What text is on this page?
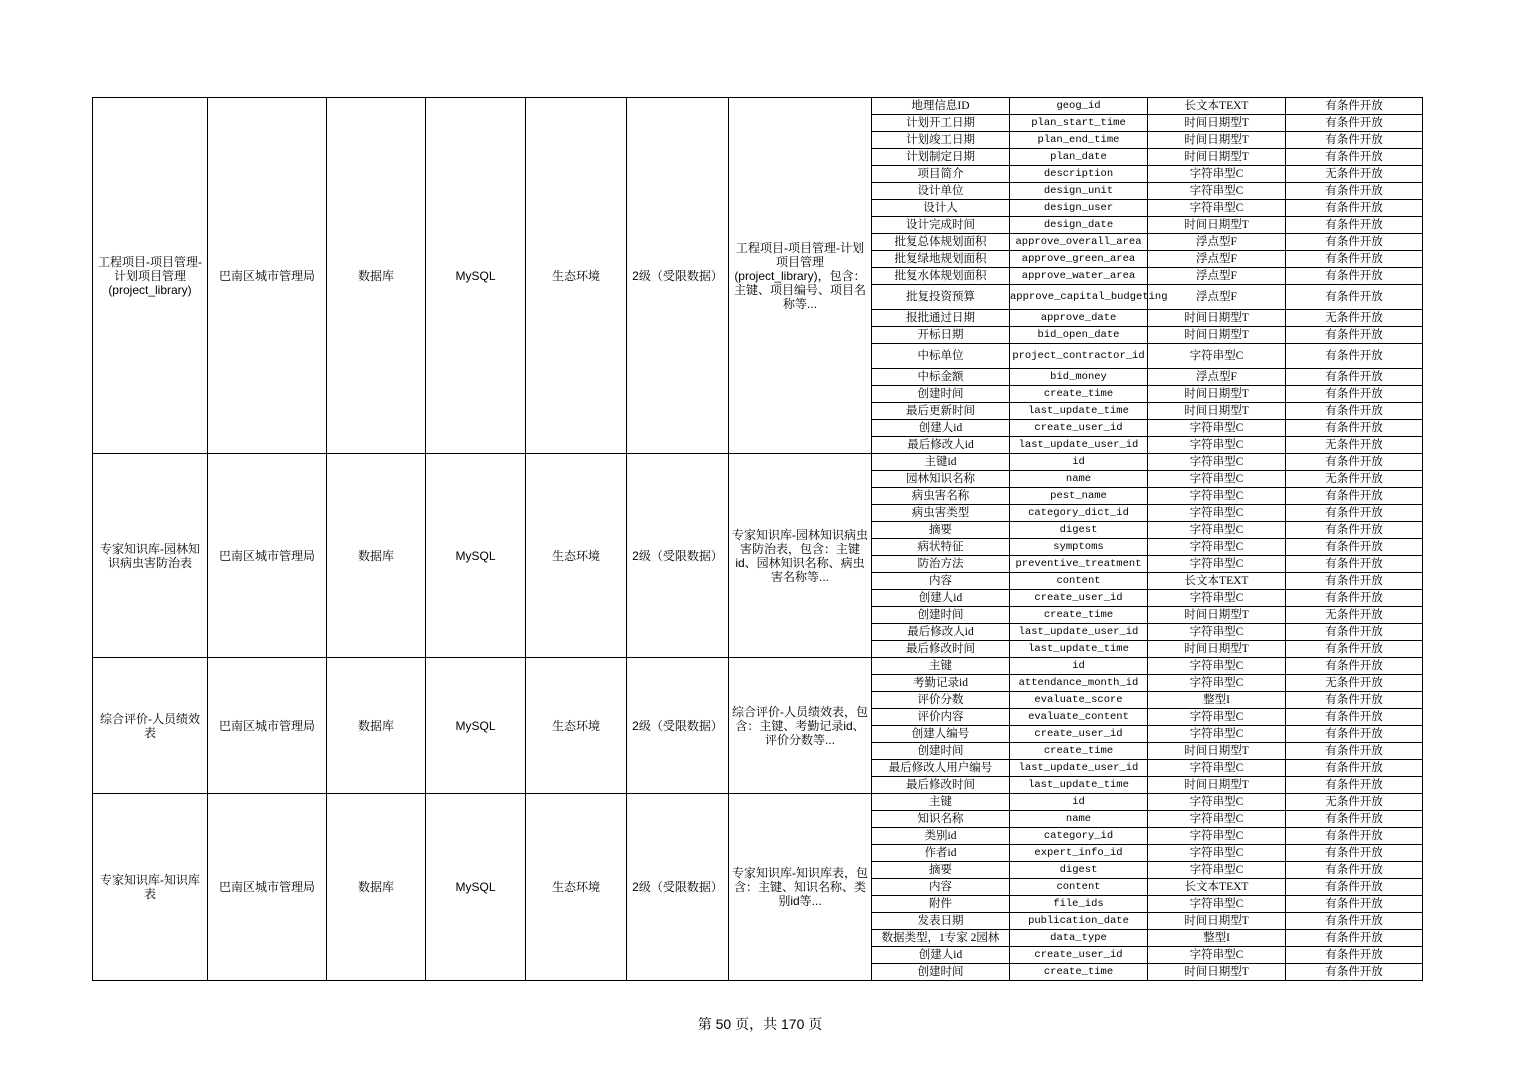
工程项目-项目管理-计划项目管理(project_library)	巴南区城市管理局	数据库	MySQL	生态环境	2级（受限数据）	工程项目-项目管理-计划项目管理(project_library)，包含：主键、项目编号、项目名称等...	地理信息ID	geog_id	长文本TEXT	有条件开放
							计划开工日期	plan_start_time	时间日期型T	有条件开放
							计划竣工日期	plan_end_time	时间日期型T	有条件开放
							计划制定日期	plan_date	时间日期型T	有条件开放
							项目简介	description	字符串型C	无条件开放
							设计单位	design_unit	字符串型C	有条件开放
							设计人	design_user	字符串型C	有条件开放
							设计完成时间	design_date	时间日期型T	有条件开放
							批复总体规划面积	approve_overall_area	浮点型F	有条件开放
							批复绿地规划面积	approve_green_area	浮点型F	有条件开放
							批复水体规划面积	approve_water_area	浮点型F	有条件开放
							批复投资预算	approve_capital_budgeting	浮点型F	有条件开放
							报批通过日期	approve_date	时间日期型T	无条件开放
							开标日期	bid_open_date	时间日期型T	有条件开放
							中标单位	project_contractor_id	字符串型C	有条件开放
							中标金额	bid_money	浮点型F	有条件开放
							创建时间	create_time	时间日期型T	有条件开放
							最后更新时间	last_update_time	时间日期型T	有条件开放
							创建人id	create_user_id	字符串型C	有条件开放
							最后修改人id	last_update_user_id	字符串型C	无条件开放
专家知识库-园林知识病虫害防治表	巴南区城市管理局	数据库	MySQL	生态环境	2级（受限数据）	专家知识库-园林知识病虫害防治表，包含：主键id、园林知识名称、病虫害名称等...	主键id	id	字符串型C	有条件开放
							园林知识名称	name	字符串型C	无条件开放
							病虫害名称	pest_name	字符串型C	有条件开放
							病虫害类型	category_dict_id	字符串型C	有条件开放
							摘要	digest	字符串型C	有条件开放
							病状特征	symptoms	字符串型C	有条件开放
							防治方法	preventive_treatment	字符串型C	有条件开放
							内容	content	长文本TEXT	有条件开放
							创建人id	create_user_id	字符串型C	有条件开放
							创建时间	create_time	时间日期型T	无条件开放
							最后修改人id	last_update_user_id	字符串型C	有条件开放
							最后修改时间	last_update_time	时间日期型T	有条件开放
综合评价-人员绩效表	巴南区城市管理局	数据库	MySQL	生态环境	2级（受限数据）	综合评价-人员绩效表，包含：主键、考勤记录id、评价分数等...	主键	id	字符串型C	有条件开放
							考勤记录id	attendance_month_id	字符串型C	无条件开放
							评价分数	evaluate_score	整型I	有条件开放
							评价内容	evaluate_content	字符串型C	有条件开放
							创建人编号	create_user_id	字符串型C	有条件开放
							创建时间	create_time	时间日期型T	有条件开放
							最后修改人用户编号	last_update_user_id	字符串型C	有条件开放
							最后修改时间	last_update_time	时间日期型T	有条件开放
专家知识库-知识库表	巴南区城市管理局	数据库	MySQL	生态环境	2级（受限数据）	专家知识库-知识库表，包含：主键、知识名称、类别id等...	主键	id	字符串型C	无条件开放
							知识名称	name	字符串型C	有条件开放
							类别id	category_id	字符串型C	有条件开放
							作者id	expert_info_id	字符串型C	有条件开放
							摘要	digest	字符串型C	有条件开放
							内容	content	长文本TEXT	有条件开放
							附件	file_ids	字符串型C	有条件开放
							发表日期	publication_date	时间日期型T	有条件开放
							数据类型，1专家 2园林	data_type	整型I	有条件开放
							创建人id	create_user_id	字符串型C	有条件开放
							创建时间	create_time	时间日期型T	有条件开放
第 50 页，共 170 页
